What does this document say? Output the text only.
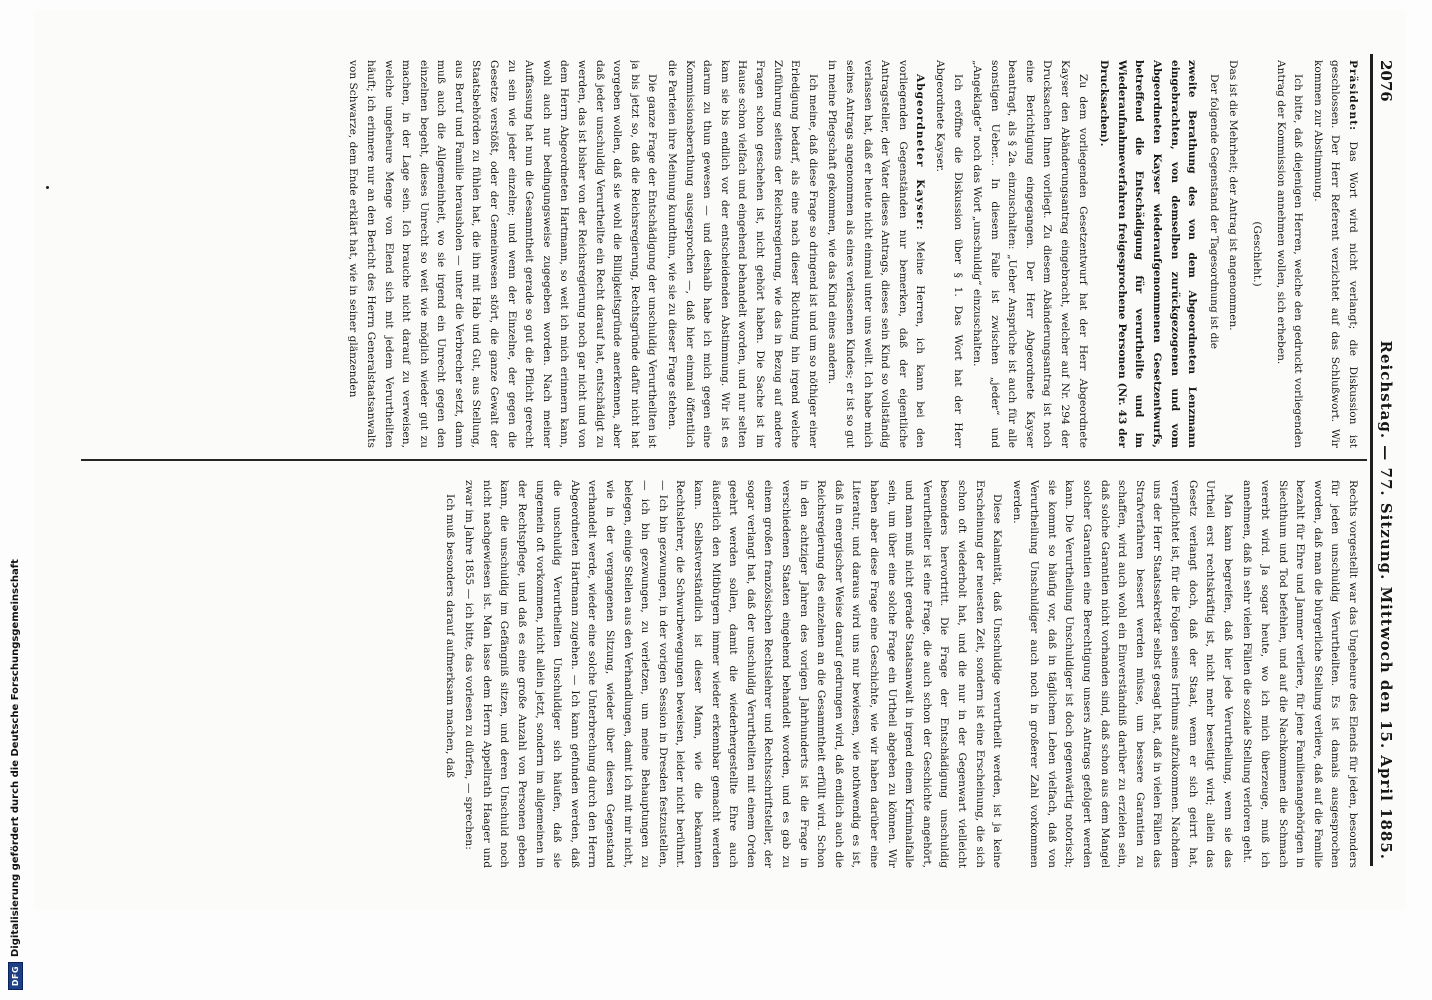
2076
Reichstag. — 77. Sitzung. Mittwoch den 15. April 1885.

Präsident: Das Wort wird nicht verlangt; die Diskussion ist geschlossen. Der Herr Referent verzichtet auf das Schlußwort. Wir kommen zur Abstimmung.

Ich bitte, daß diejenigen Herren, welche den gedruckt vorliegenden Antrag der Kommission annehmen wollen, sich erheben.

(Geschieht.)

Das ist die Mehrheit; der Antrag ist angenommen.

Der folgende Gegenstand der Tagesordnung ist die

zweite Berathung des von dem Abgeordneten Lenzmann eingebrachten, von demselben zurückgezogenen und vom Abgeordneten Kayser wiederaufgenommenen Gesetzentwurfs, betreffend die Entschädigung für verurtheilte und im Wiederaufnahmeverfahren freigesprochene Personen (Nr. 43 der Drucksachen).

Zu dem vorliegenden Gesetzentwurf hat der Herr Abgeordnete Kayser den Abänderungsantrag eingebracht, welcher auf Nr. 294 der Drucksachen Ihnen vorliegt. Zu diesem Abänderungsantrag ist noch eine Berichtigung eingegangen. Der Herr Abgeordnete Kayser beantragt, als § 2a. einzuschalten: „Ueber Ansprüche ist auch für alle sonstigen Ueber... In diesem Falle ist zwischen „jeder“ und „Angeklagte“ noch das Wort „unschuldig“ einzuschalten.

Ich eröffne die Diskussion über § 1. Das Wort hat der Herr Abgeordnete Kayser.

Abgeordneter Kayser: Meine Herren, ich kann bei den vorliegenden Gegenständen nur bemerken, daß der eigentliche Antragsteller, der Vater dieses Antrags, dieses sein Kind so vollständig verlassen hat, daß er heute nicht einmal unter uns weilt. Ich habe mich seines Antrags angenommen als eines verlassenen Kindes; er ist so gut in meine Pflegschaft gekommen, wie das Kind eines andern.

Ich meine, daß diese Frage so dringend ist und um so nöthiger einer Erledigung bedarf, als eine nach dieser Richtung hin irgend welche Zuführung seitens der Reichsregierung, wie das in Bezug auf andere Fragen schon geschehen ist, nicht gehört haben. Die Sache ist im Hause schon vielfach und eingehend behandelt worden, und nur selten kam sie bis endlich vor der entscheidenden Abstimmung. Wir ist es darum zu thun gewesen — und deshalb habe ich mich gegen eine Kommissionsberathung ausgesprochen —, daß hier einmal öffentlich die Parteien ihre Meinung kundthun, wie sie zu dieser Frage stehen.

Die ganze Frage der Entschädigung der unschuldig Verurtheilten ist ja bis jetzt so, daß die Reichsregierung, Rechtsgründe dafür nicht hat vorgeben wollen, daß sie wohl die Billigkeitsgründe anerkennen, aber daß jeder unschuldig Verurtheilte ein Recht darauf hat, entschädigt zu werden, das ist bisher von der Reichsregierung noch gar nicht und von dem Herrn Abgeordneten Hartmann, so weit ich mich erinnern kann, wohl auch nur bedingungsweise zugegeben worden. Nach meiner Auffassung hat nun die Gesammtheit gerade so gut die Pflicht gerecht zu sein wie jeder einzelne; und wenn der Einzelne, der gegen die Gesetze verstößt, oder der Gemeinwesen stört, die ganze Gewalt der Staatsbehörden zu fühlen hat, die ihn mit Hab und Gut, aus Stellung, aus Beruf und Familie herausholen — unter die Verbrecher setzt, dann muß auch die Allgemeinheit, wo sie irgend ein Unrecht gegen den einzelnen begeht, dieses Unrecht so weit wie möglich wieder gut zu machen, in der Lage sein. Ich brauche nicht darauf zu verweisen, welche ungeheure Menge von Elend sich mit jedem Verurtheilten häuft; ich erinnere nur an den Bericht des Herrn Generalstaatsanwalts von Schwarze, dem Ende erklärt hat, wie in seiner glänzenden

Rechts vorgestellt war das Ungeheure des Elends für jeden, besonders für jeden unschuldig Verurtheilten. Es ist damals ausgesprochen worden, daß man die bürgerliche Stellung verliere, daß auf die Familie bezahlt für Ehre und Jammer verliere, für jene Familienangehörigen in Siechthum und Tod befehlen, und auf die Nachkommen die Schmach vererbt wird. Ja sogar heute, wo ich mich überzeuge, muß ich annehmen, daß in sehr vielen Fällen die soziale Stellung verloren geht.

Man kann begreifen, daß hier jede Verurtheilung, wenn sie das Urtheil erst rechtskräftig ist, nicht mehr beseitigt wird; allein das Gesetz verlangt doch, daß der Staat, wenn er sich geirrt hat, verpflichtet ist, für die Folgen seines Irrthums aufzukommen. Nachdem uns der Herr Staatssekretär selbst gesagt hat, daß in vielen Fällen das Strafverfahren bessert werden müsse, um bessere Garantien zu schaffen, wird auch wohl ein Einverständniß darüber zu erzielen sein, daß solche Garantien nicht vorhanden sind, daß schon aus dem Mangel solcher Garantien eine Berechtigung unsers Antrags gefolgert werden kann. Die Verurtheilung Unschuldiger ist doch gegenwärtig notorisch; sie kommt so häufig vor, daß in täglichem Leben vielfach, daß von Verurtheilung Unschuldiger auch noch in großerer Zahl vorkommen werden.

Diese Kalamität, daß Unschuldige verurtheilt werden, ist ja keine Erscheinung der neuesten Zeit, sondern ist eine Erscheinung, die sich schon oft wiederholt hat, und die nur in der Gegenwart vielleicht besonders hervortritt. Die Frage der Entschädigung unschuldig Verurtheilter ist eine Frage, die auch schon der Geschichte angehört, und man muß nicht gerade Staatsanwalt in irgend einem Kriminalfalle sein, um über eine solche Frage ein Urtheil abgeben zu können. Wir haben aber diese Frage eine Geschichte, wie wir haben darüber eine Literatur, und daraus wird uns nur bewiesen, wie nothwendig es ist, daß in energischer Weise darauf gedrungen wird, daß endlich auch die Reichsregierung des einzelnen an die Gesammtheit erfüllt wird. Schon in den achtziger Jahren des vorigen Jahrhunderts ist die Frage in verschiedenen Staaten eingehend behandelt worden, und es gab zu einem großen französischen Rechtslehrer und Rechtsschriftsteller, der sogar verlangt hat, daß der unschuldig Verurtheilten mit einem Orden geehrt werden sollen, damit die wiederhergestellte Ehre auch äußerlich den Mitbürgern immer wieder erkennbar gemacht werden kann. Selbstverständlich ist dieser Mann, wie die bekannten Rechtslehrer, die Schwurbewegungen beweisen, leider nicht berühmt. — Ich bin gezwungen, in der vorigen Session in Dresden festzustellen, — ich bin gezwungen, zu verletzen, um meine Behauptungen zu belegen, einige Stellen aus den Verhandlungen, damit ich mit mir nicht, wie in der vergangenen Sitzung, wieder über diesen Gegenstand verhandelt werde, wieder eine solche Unterbrechung durch den Herrn Abgeordneten Hartmann zugehen. — Ich kann gefunden werden, daß die unschuldig Verurtheilten Unschuldiger sich häufen, daß sie ungemein oft vorkommen, nicht allein jetzt, sondern im allgemeinen in der Rechtspflege, und daß es eine große Anzahl von Personen geben kann, die unschuldig im Gefängniß sitzen, und deren Unschuld noch nicht nachgewiesen ist. Man lasse dem Herrn Appellrath Haager und zwar im Jahre 1855 — ich bitte, das vorlesen zu dürfen, — sprechen:

Ich muß besonders darauf aufmerksam machen, daß

DFG
Digitalisierung gefördert durch die Deutsche Forschungsgemeinschaft
